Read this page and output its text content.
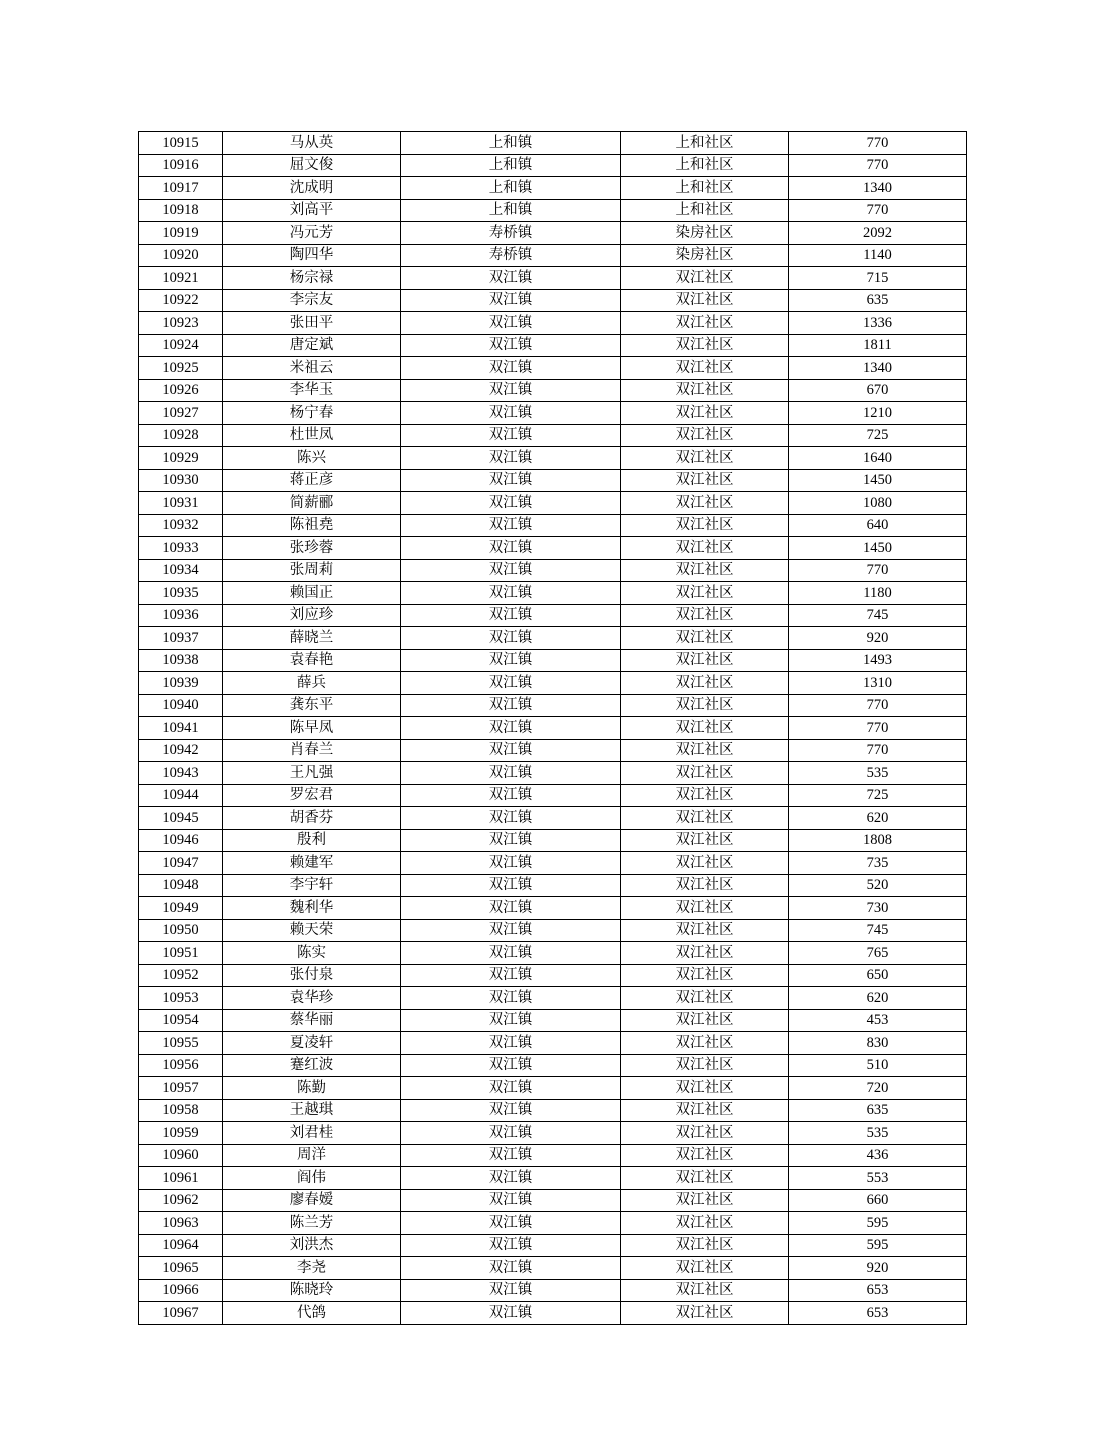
10915	马从英	上和镇	上和社区	770
10916	屈文俊	上和镇	上和社区	770
10917	沈成明	上和镇	上和社区	1340
10918	刘高平	上和镇	上和社区	770
10919	冯元芳	寿桥镇	染房社区	2092
10920	陶四华	寿桥镇	染房社区	1140
10921	杨宗禄	双江镇	双江社区	715
10922	李宗友	双江镇	双江社区	635
10923	张田平	双江镇	双江社区	1336
10924	唐定斌	双江镇	双江社区	1811
10925	米祖云	双江镇	双江社区	1340
10926	李华玉	双江镇	双江社区	670
10927	杨宁春	双江镇	双江社区	1210
10928	杜世凤	双江镇	双江社区	725
10929	陈兴	双江镇	双江社区	1640
10930	蒋正彦	双江镇	双江社区	1450
10931	简薪郦	双江镇	双江社区	1080
10932	陈祖堯	双江镇	双江社区	640
10933	张珍蓉	双江镇	双江社区	1450
10934	张周莉	双江镇	双江社区	770
10935	赖国正	双江镇	双江社区	1180
10936	刘应珍	双江镇	双江社区	745
10937	薛晓兰	双江镇	双江社区	920
10938	袁春艳	双江镇	双江社区	1493
10939	薛兵	双江镇	双江社区	1310
10940	龚东平	双江镇	双江社区	770
10941	陈早凤	双江镇	双江社区	770
10942	肖春兰	双江镇	双江社区	770
10943	王凡强	双江镇	双江社区	535
10944	罗宏君	双江镇	双江社区	725
10945	胡香芬	双江镇	双江社区	620
10946	殷利	双江镇	双江社区	1808
10947	赖建军	双江镇	双江社区	735
10948	李宇轩	双江镇	双江社区	520
10949	魏利华	双江镇	双江社区	730
10950	赖天荣	双江镇	双江社区	745
10951	陈实	双江镇	双江社区	765
10952	张付泉	双江镇	双江社区	650
10953	袁华珍	双江镇	双江社区	620
10954	蔡华丽	双江镇	双江社区	453
10955	夏凌轩	双江镇	双江社区	830
10956	蹇红波	双江镇	双江社区	510
10957	陈勤	双江镇	双江社区	720
10958	王越琪	双江镇	双江社区	635
10959	刘君桂	双江镇	双江社区	535
10960	周洋	双江镇	双江社区	436
10961	阎伟	双江镇	双江社区	553
10962	廖春嫒	双江镇	双江社区	660
10963	陈兰芳	双江镇	双江社区	595
10964	刘洪杰	双江镇	双江社区	595
10965	李尧	双江镇	双江社区	920
10966	陈晓玲	双江镇	双江社区	653
10967	代鸽	双江镇	双江社区	653
